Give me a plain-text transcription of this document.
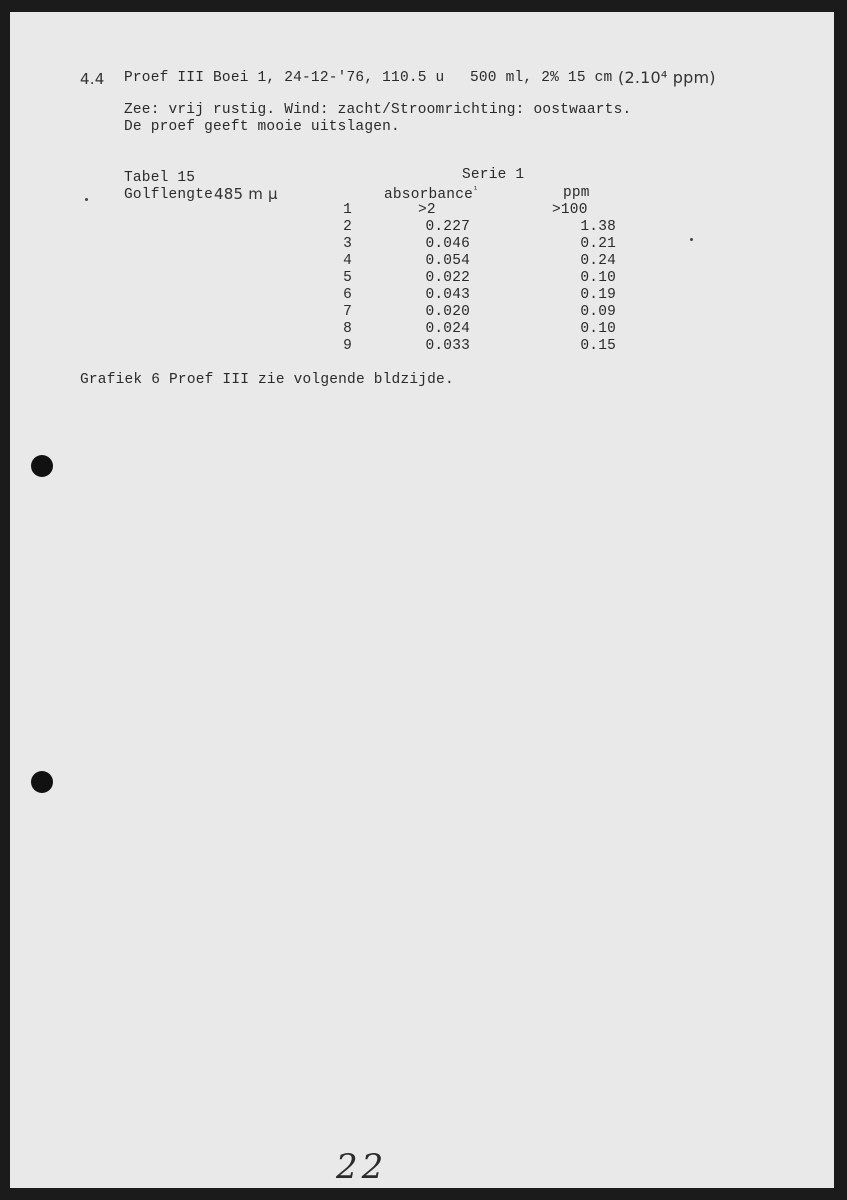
4.4 Proef III Boei 1, 24-12-'76, 110.5 u 500 ml, 2% 15 cm (2.10⁴ ppm)
Zee: vrij rustig. Wind: zacht/Stroomrichting: oostwaarts.
De proef geeft mooie uitslagen.
Tabel 15	Serie 1
Golflengte 485 m μ	absorbance$^{^1}$	ppm
1	>2	>100
2	0.227	1.38
3	0.046	0.21
4	0.054	0.24
5	0.022	0.10
6	0.043	0.19
7	0.020	0.09
8	0.024	0.10
9	0.033	0.15
Grafiek 6 Proef III zie volgende bldzijde.
22
